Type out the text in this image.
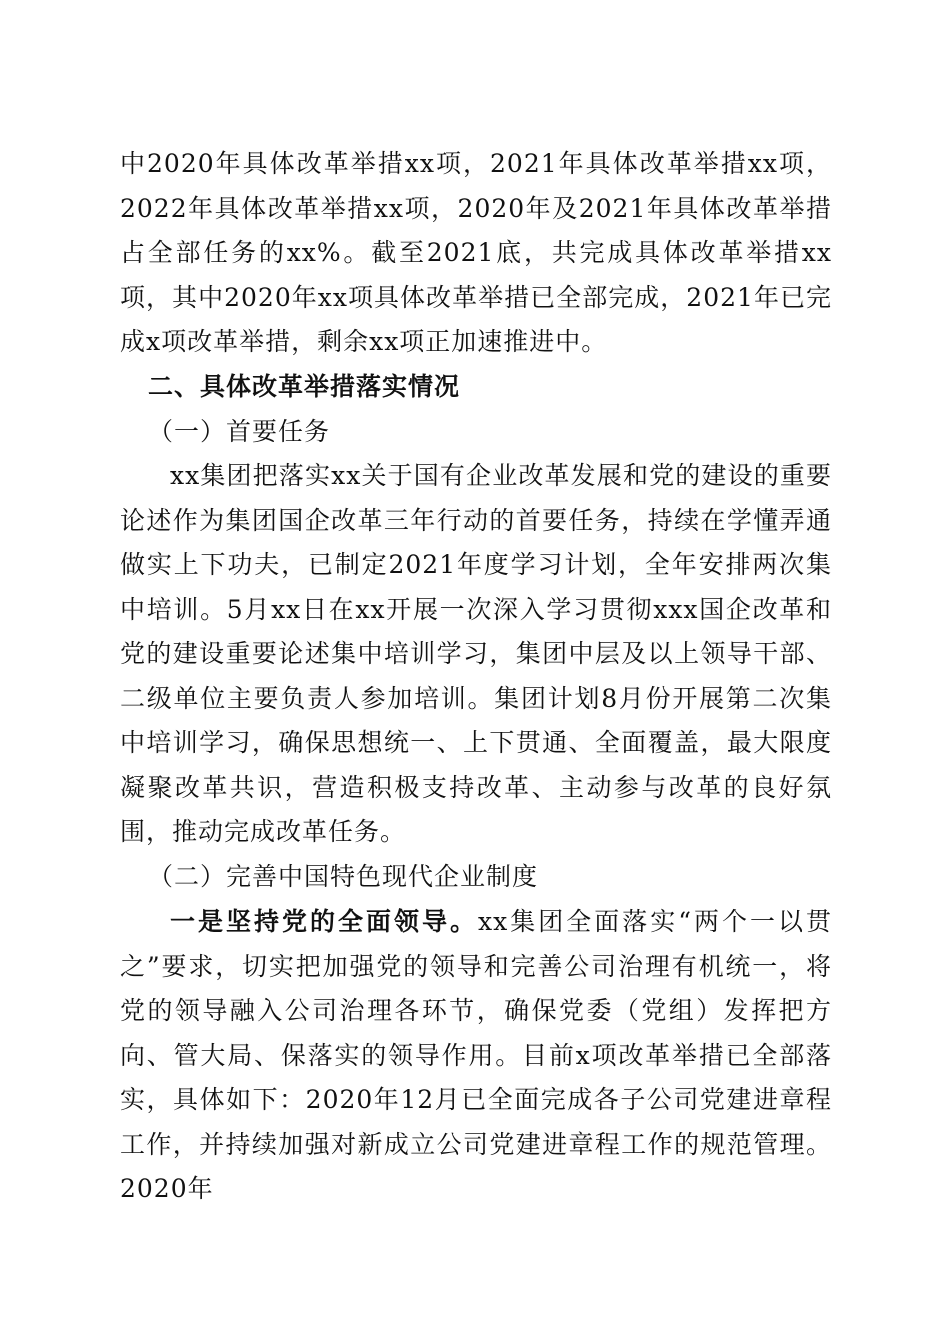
中2020年具体改革举措xx项，2021年具体改革举措xx项，2022年具体改革举措xx项，2020年及2021年具体改革举措占全部任务的xx%。截至2021底，共完成具体改革举措xx项，其中2020年xx项具体改革举措已全部完成，2021年已完成x项改革举措，剩余xx项正加速推进中。

二、具体改革举措落实情况
（一）首要任务

xx集团把落实xx关于国有企业改革发展和党的建设的重要论述作为集团国企改革三年行动的首要任务，持续在学懂弄通做实上下功夫，已制定2021年度学习计划，全年安排两次集中培训。5月xx日在xx开展一次深入学习贯彻xxx国企改革和党的建设重要论述集中培训学习，集团中层及以上领导干部、二级单位主要负责人参加培训。集团计划8月份开展第二次集中培训学习，确保思想统一、上下贯通、全面覆盖，最大限度凝聚改革共识，营造积极支持改革、主动参与改革的良好氛围，推动完成改革任务。

（二）完善中国特色现代企业制度

一是坚持党的全面领导。xx集团全面落实“两个一以贯之”要求，切实把加强党的领导和完善公司治理有机统一，将党的领导融入公司治理各环节，确保党委（党组）发挥把方向、管大局、保落实的领导作用。目前x项改革举措已全部落实，具体如下：2020年12月已全面完成各子公司党建进章程工作，并持续加强对新成立公司党建进章程工作的规范管理。2020年
